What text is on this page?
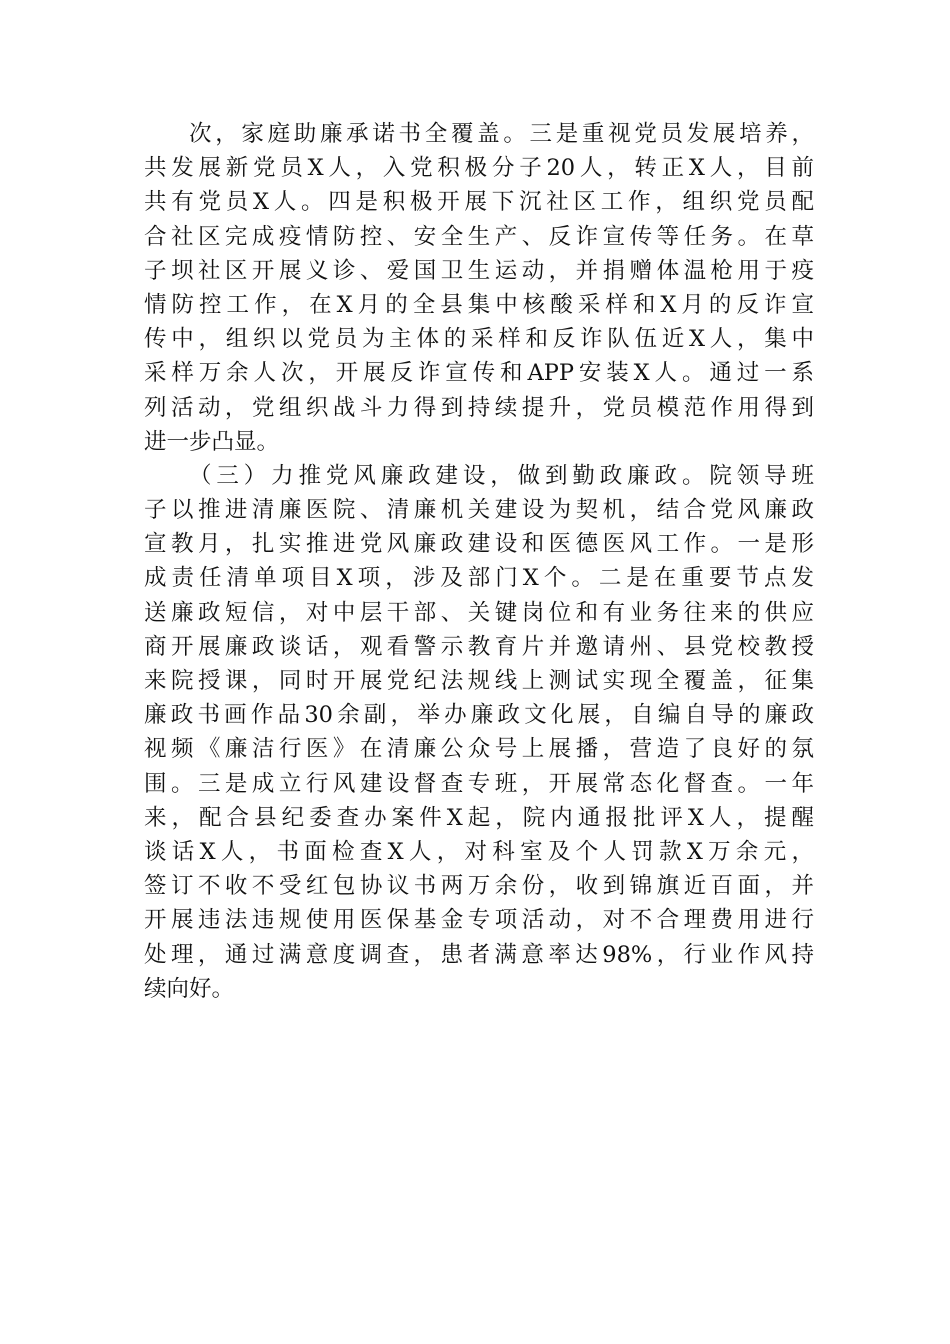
次，家庭助廉承诺书全覆盖。三是重视党员发展培养，
共发展新党员X人，入党积极分子20人，转正X人，目前
共有党员X人。四是积极开展下沉社区工作，组织党员配
合社区完成疫情防控、安全生产、反诈宣传等任务。在草
子坝社区开展义诊、爱国卫生运动，并捐赠体温枪用于疫
情防控工作，在X月的全县集中核酸采样和X月的反诈宣
传中，组织以党员为主体的采样和反诈队伍近X人，集中
采样万余人次，开展反诈宣传和APP安装X人。通过一系
列活动，党组织战斗力得到持续提升，党员模范作用得到
进一步凸显。
（三）力推党风廉政建设，做到勤政廉政。院领导班
子以推进清廉医院、清廉机关建设为契机，结合党风廉政
宣教月，扎实推进党风廉政建设和医德医风工作。一是形
成责任清单项目X项，涉及部门X个。二是在重要节点发
送廉政短信，对中层干部、关键岗位和有业务往来的供应
商开展廉政谈话，观看警示教育片并邀请州、县党校教授
来院授课，同时开展党纪法规线上测试实现全覆盖，征集
廉政书画作品30余副，举办廉政文化展，自编自导的廉政
视频《廉洁行医》在清廉公众号上展播，营造了良好的氛
围。三是成立行风建设督查专班，开展常态化督查。一年
来，配合县纪委查办案件X起，院内通报批评X人，提醒
谈话X人，书面检查X人，对科室及个人罚款X万余元，
签订不收不受红包协议书两万余份，收到锦旗近百面，并
开展违法违规使用医保基金专项活动，对不合理费用进行
处理，通过满意度调查，患者满意率达98%，行业作风持
续向好。
